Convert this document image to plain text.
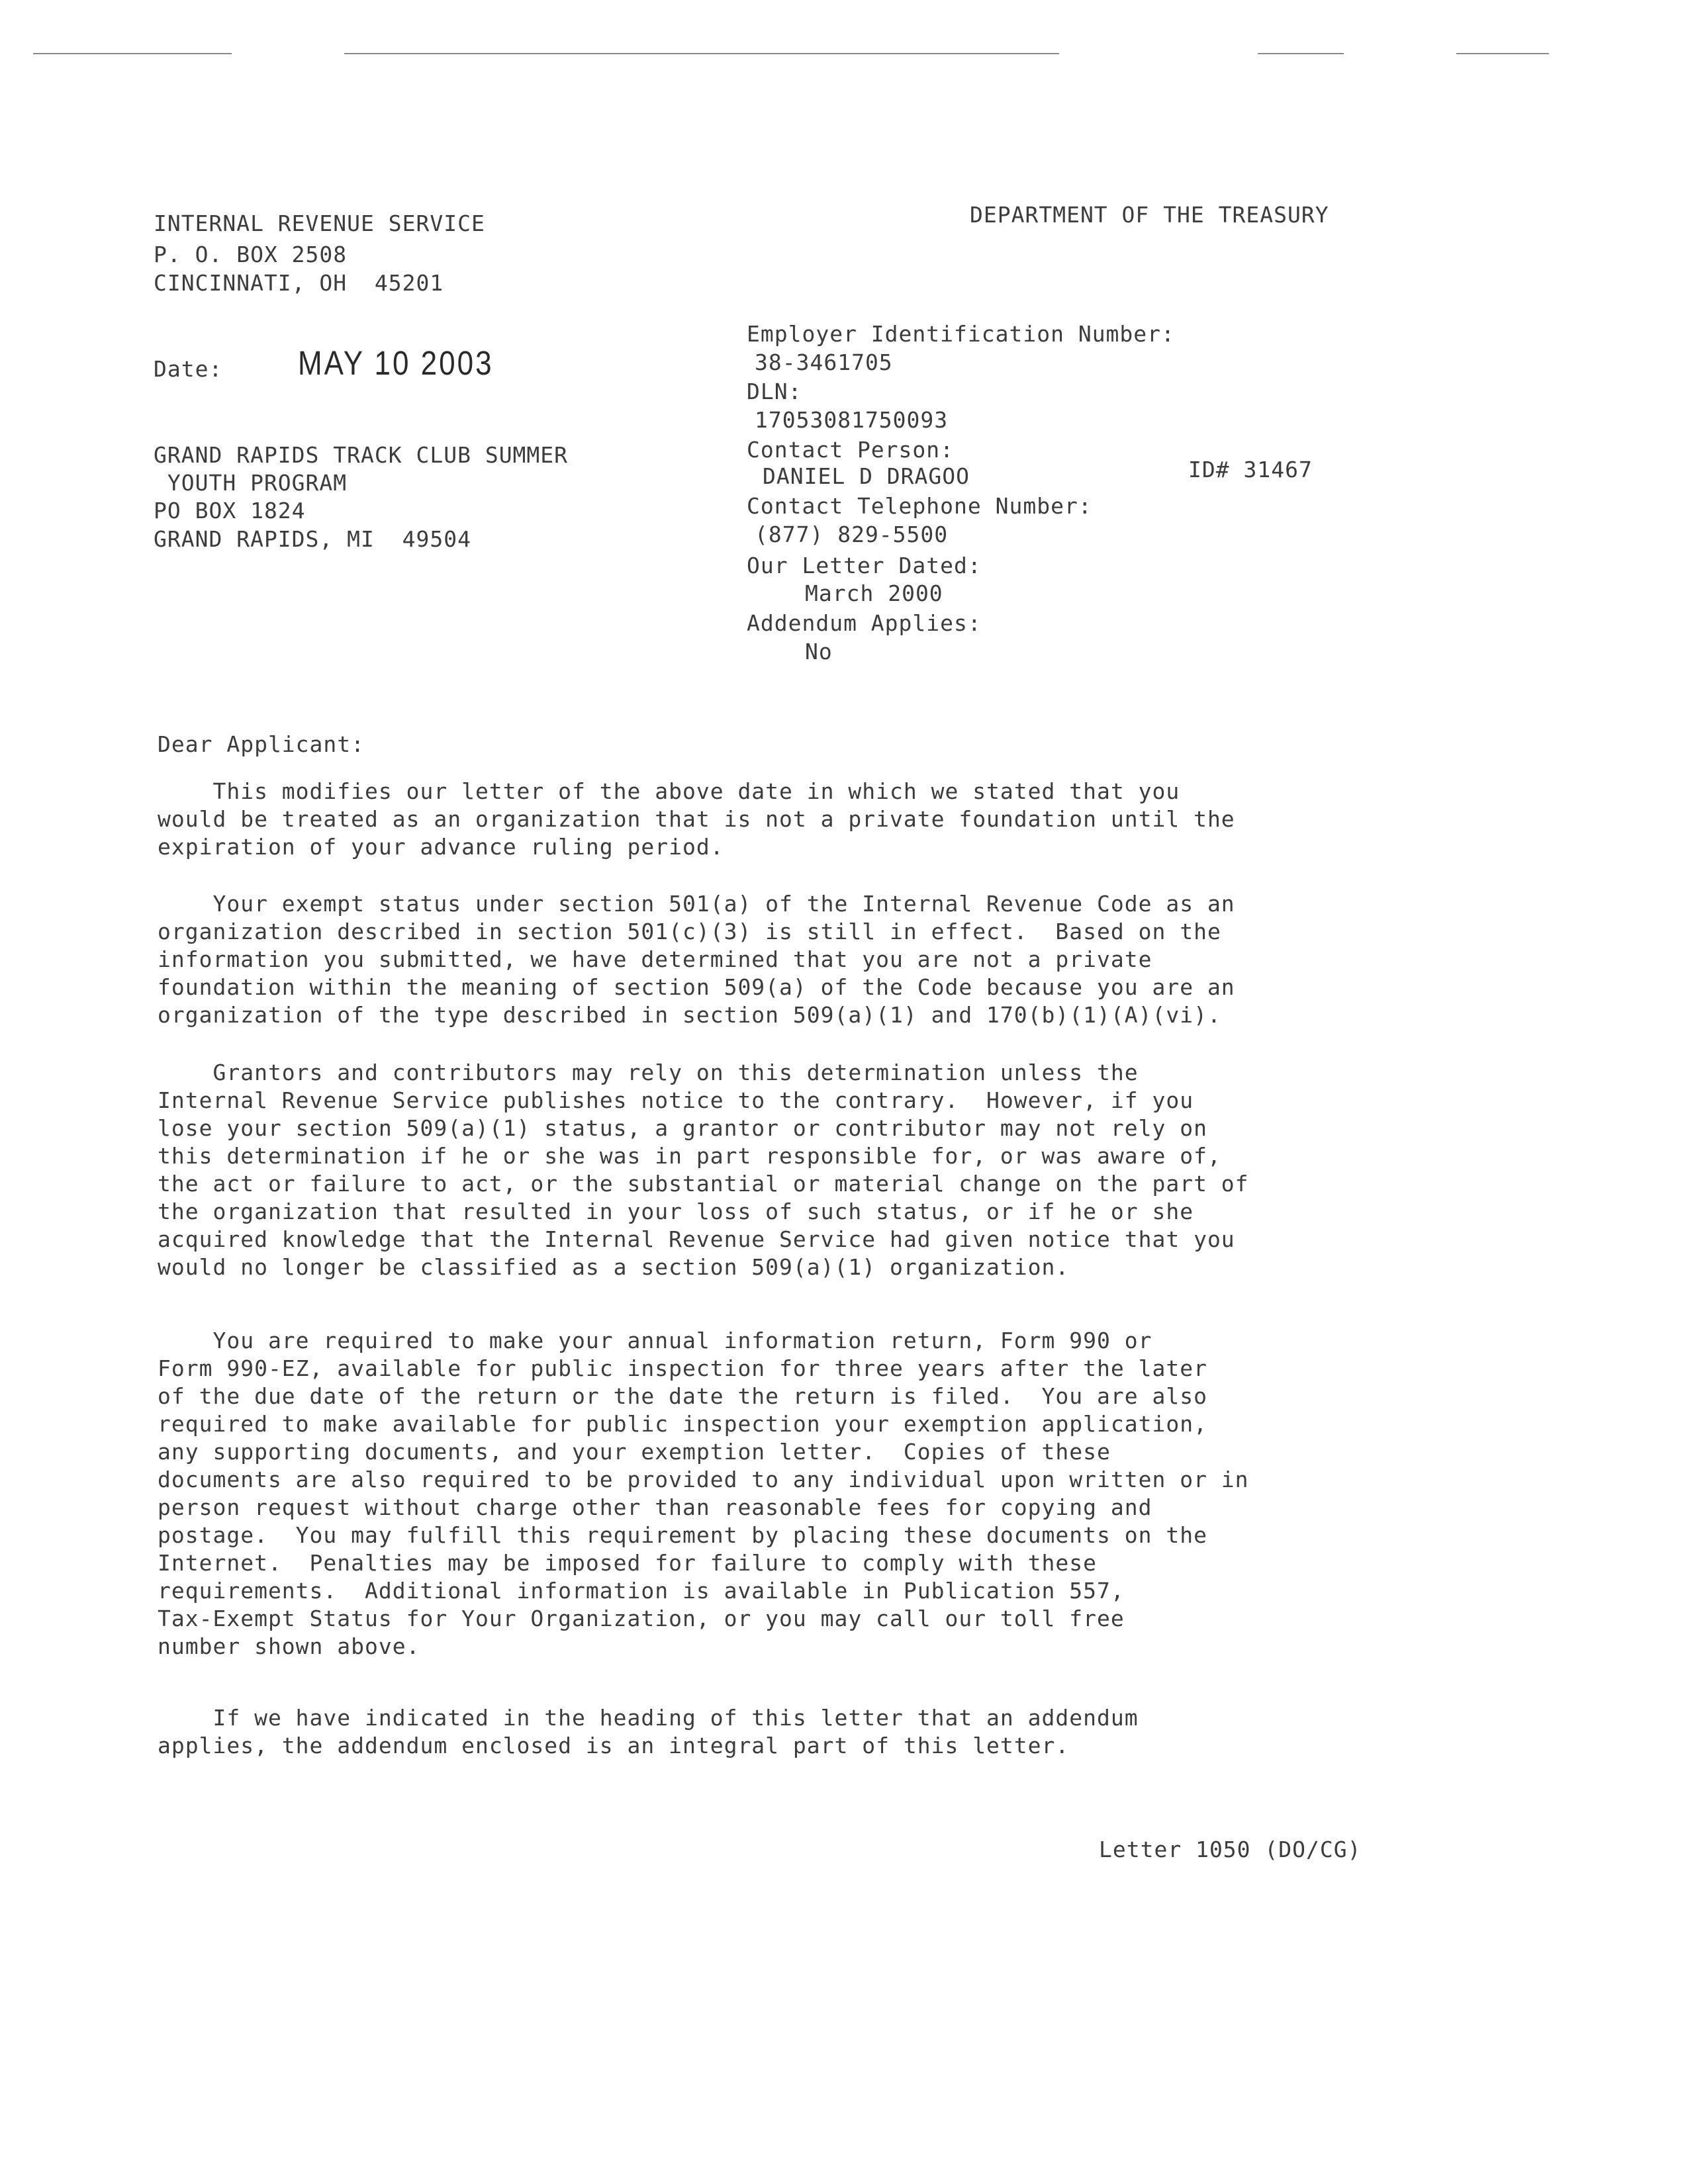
INTERNAL REVENUE SERVICE
P. O. BOX 2508
CINCINNATI, OH  45201
DEPARTMENT OF THE TREASURY
Date:	MAY 10 2003
GRAND RAPIDS TRACK CLUB SUMMER
YOUTH PROGRAM
PO BOX 1824
GRAND RAPIDS, MI  49504
Employer Identification Number:
38-3461705
DLN:
17053081750093
Contact Person:
DANIEL D DRAGOO	ID# 31467
Contact Telephone Number:
(877) 829-5500
Our Letter Dated:
March 2000
Addendum Applies:
No
Dear Applicant:
This modifies our letter of the above date in which we stated that you
would be treated as an organization that is not a private foundation until the
expiration of your advance ruling period.
Your exempt status under section 501(a) of the Internal Revenue Code as an
organization described in section 501(c)(3) is still in effect.  Based on the
information you submitted, we have determined that you are not a private
foundation within the meaning of section 509(a) of the Code because you are an
organization of the type described in section 509(a)(1) and 170(b)(1)(A)(vi).
Grantors and contributors may rely on this determination unless the
Internal Revenue Service publishes notice to the contrary.  However, if you
lose your section 509(a)(1) status, a grantor or contributor may not rely on
this determination if he or she was in part responsible for, or was aware of,
the act or failure to act, or the substantial or material change on the part of
the organization that resulted in your loss of such status, or if he or she
acquired knowledge that the Internal Revenue Service had given notice that you
would no longer be classified as a section 509(a)(1) organization.
You are required to make your annual information return, Form 990 or
Form 990-EZ, available for public inspection for three years after the later
of the due date of the return or the date the return is filed.  You are also
required to make available for public inspection your exemption application,
any supporting documents, and your exemption letter.  Copies of these
documents are also required to be provided to any individual upon written or in
person request without charge other than reasonable fees for copying and
postage.  You may fulfill this requirement by placing these documents on the
Internet.  Penalties may be imposed for failure to comply with these
requirements.  Additional information is available in Publication 557,
Tax-Exempt Status for Your Organization, or you may call our toll free
number shown above.
If we have indicated in the heading of this letter that an addendum
applies, the addendum enclosed is an integral part of this letter.
Letter 1050 (DO/CG)
